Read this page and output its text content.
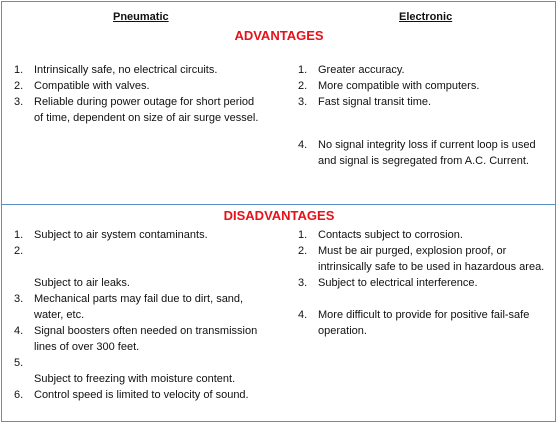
Pneumatic	Electronic
ADVANTAGES
1. Intrinsically safe, no electrical circuits.
2. Compatible with valves.
3. Reliable during power outage for short period of time, dependent on size of air surge vessel.
1. Greater accuracy.
2. More compatible with computers.
3. Fast signal transit time.
4. No signal integrity loss if current loop is used and signal is segregated from A.C. Current.
DISADVANTAGES
1. Subject to air system contaminants.
2.
Subject to air leaks.
3. Mechanical parts may fail due to dirt, sand, water, etc.
4. Signal boosters often needed on transmission lines of over 300 feet.
5.
Subject to freezing with moisture content.
6. Control speed is limited to velocity of sound.
1. Contacts subject to corrosion.
2. Must be air purged, explosion proof, or intrinsically safe to be used in hazardous area.
3. Subject to electrical interference.
4. More difficult to provide for positive fail-safe operation.
